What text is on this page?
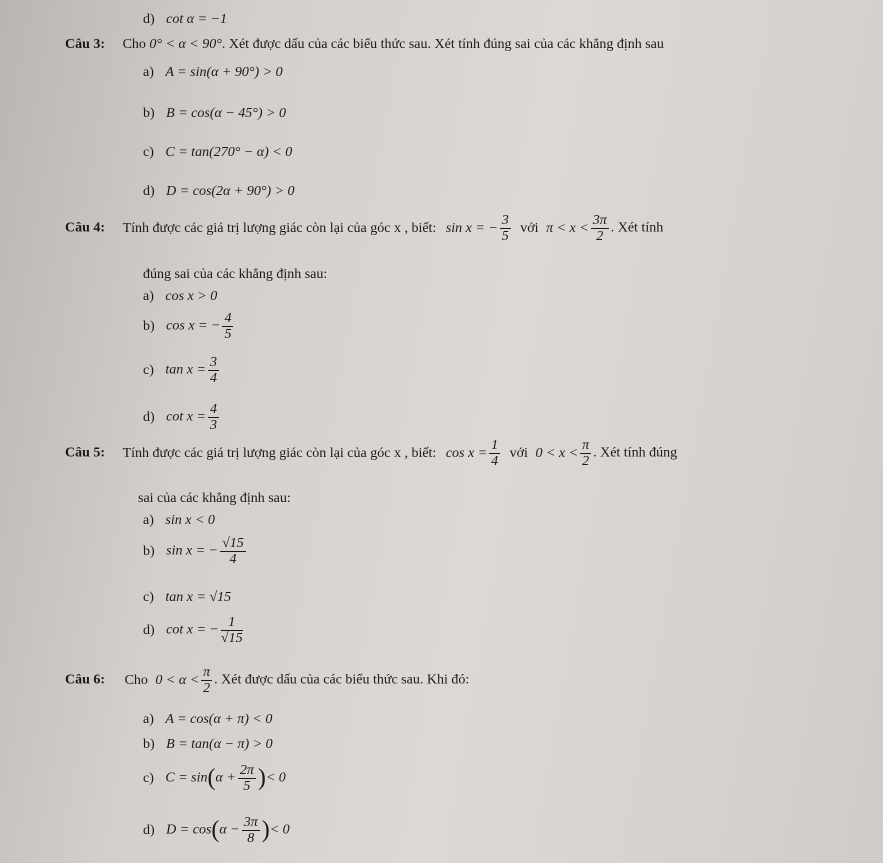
d) cot α = −1
Câu 3: Cho 0° < α < 90°. Xét được dấu của các biểu thức sau. Xét tính đúng sai của các khẳng định sau
a) A = sin(α + 90°) > 0
b) B = cos(α − 45°) > 0
c) C = tan(270° − α) < 0
d) D = cos(2α + 90°) > 0
Câu 4: Tính được các giá trị lượng giác còn lại của góc x , biết: sin x = − $\frac{3}{5}$ với $\pi < x < \frac{3\pi}{2}$ . Xét tính
đúng sai của các khẳng định sau:
a) cos x > 0
b) cos x = − $\frac{4}{5}$
c) $\tan x = \frac{3}{4}$
d) $\cot x = \frac{4}{3}$
Câu 5: Tính được các giá trị lượng giác còn lại của góc x , biết: $\cos x = \frac{1}{4}$ với $0 < x < \frac{\pi}{2}$ . Xét tính đúng
sai của các khẳng định sau:
a) sin x < 0
b) sin x = − $\frac{√15}{4}$
c) tan x = √15
d) cot x = − $\frac{1}{√15}$
Câu 6: Cho $0 < \alpha < \frac{\pi}{2}$ . Xét được dấu của các biểu thức sau. Khi đó:
a) A = cos(α + π) < 0
b) B = tan(α − π) > 0
c) $C = \sin(\alpha + \frac{2\pi}{5}$ )< 0
d) $D = \cos(\alpha - \frac{3\pi}{8}$ )< 0
